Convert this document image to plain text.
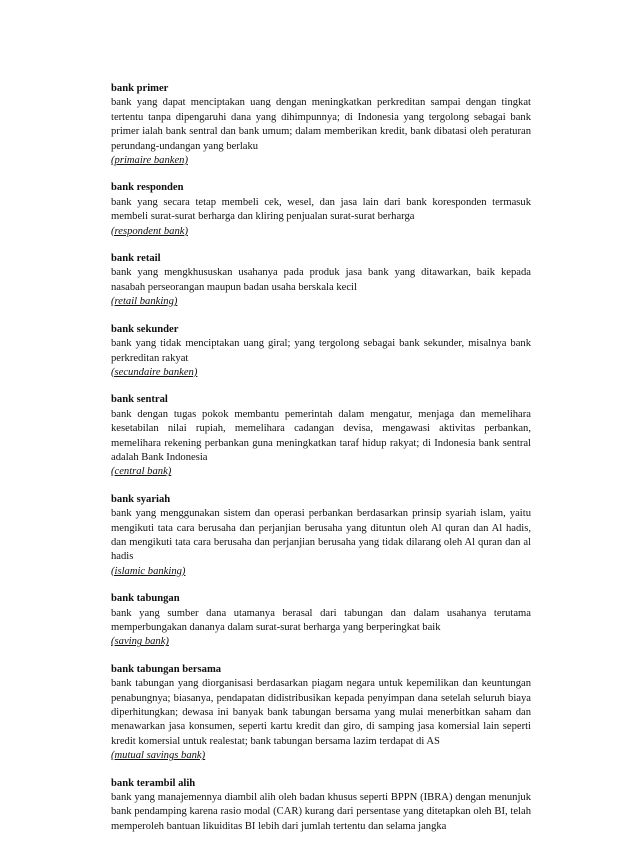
bank primer
bank yang dapat menciptakan uang dengan meningkatkan perkreditan sampai dengan tingkat tertentu tanpa dipengaruhi dana yang dihimpunnya; di Indonesia yang tergolong sebagai bank primer ialah bank sentral dan bank umum; dalam memberikan kredit, bank dibatasi oleh peraturan perundang-undangan yang berlaku
(primaire banken)
bank responden
bank yang secara tetap membeli cek, wesel, dan jasa lain dari bank koresponden termasuk membeli surat-surat berharga dan kliring penjualan surat-surat berharga
(respondent bank)
bank retail
bank yang mengkhususkan usahanya pada produk jasa bank yang ditawarkan, baik kepada nasabah perseorangan maupun badan usaha berskala kecil
(retail banking)
bank sekunder
bank yang tidak menciptakan uang giral; yang tergolong sebagai bank sekunder, misalnya bank perkreditan rakyat
(secundaire banken)
bank sentral
bank dengan tugas pokok membantu pemerintah dalam mengatur, menjaga dan memelihara kesetabilan nilai rupiah, memelihara cadangan devisa, mengawasi aktivitas perbankan, memelihara rekening perbankan guna meningkatkan taraf hidup rakyat; di Indonesia bank sentral adalah Bank Indonesia
(central bank)
bank syariah
bank yang menggunakan sistem dan operasi perbankan berdasarkan prinsip syariah islam, yaitu mengikuti tata cara berusaha dan perjanjian berusaha yang dituntun oleh Al quran dan Al hadis, dan mengikuti tata cara berusaha dan perjanjian berusaha yang tidak dilarang oleh Al quran dan al hadis
(islamic banking)
bank tabungan
bank yang sumber dana utamanya berasal dari tabungan dan dalam usahanya terutama memperbungakan dananya dalam surat-surat berharga yang berperingkat baik
(saving bank)
bank tabungan bersama
bank tabungan yang diorganisasi berdasarkan piagam negara untuk kepemilikan dan keuntungan penabungnya; biasanya, pendapatan didistribusikan kepada penyimpan dana setelah seluruh biaya diperhitungkan; dewasa ini banyak bank tabungan bersama yang mulai menerbitkan saham dan menawarkan jasa konsumen, seperti kartu kredit dan giro, di samping jasa komersial lain seperti kredit komersial untuk realestat; bank tabungan bersama lazim terdapat di AS
(mutual savings bank)
bank terambil alih
bank yang manajemennya diambil alih oleh badan khusus seperti BPPN (IBRA) dengan menunjuk bank pendamping karena rasio modal (CAR) kurang dari persentase yang ditetapkan oleh BI, telah memperoleh bantuan likuiditas BI lebih dari jumlah tertentu dan selama jangka
